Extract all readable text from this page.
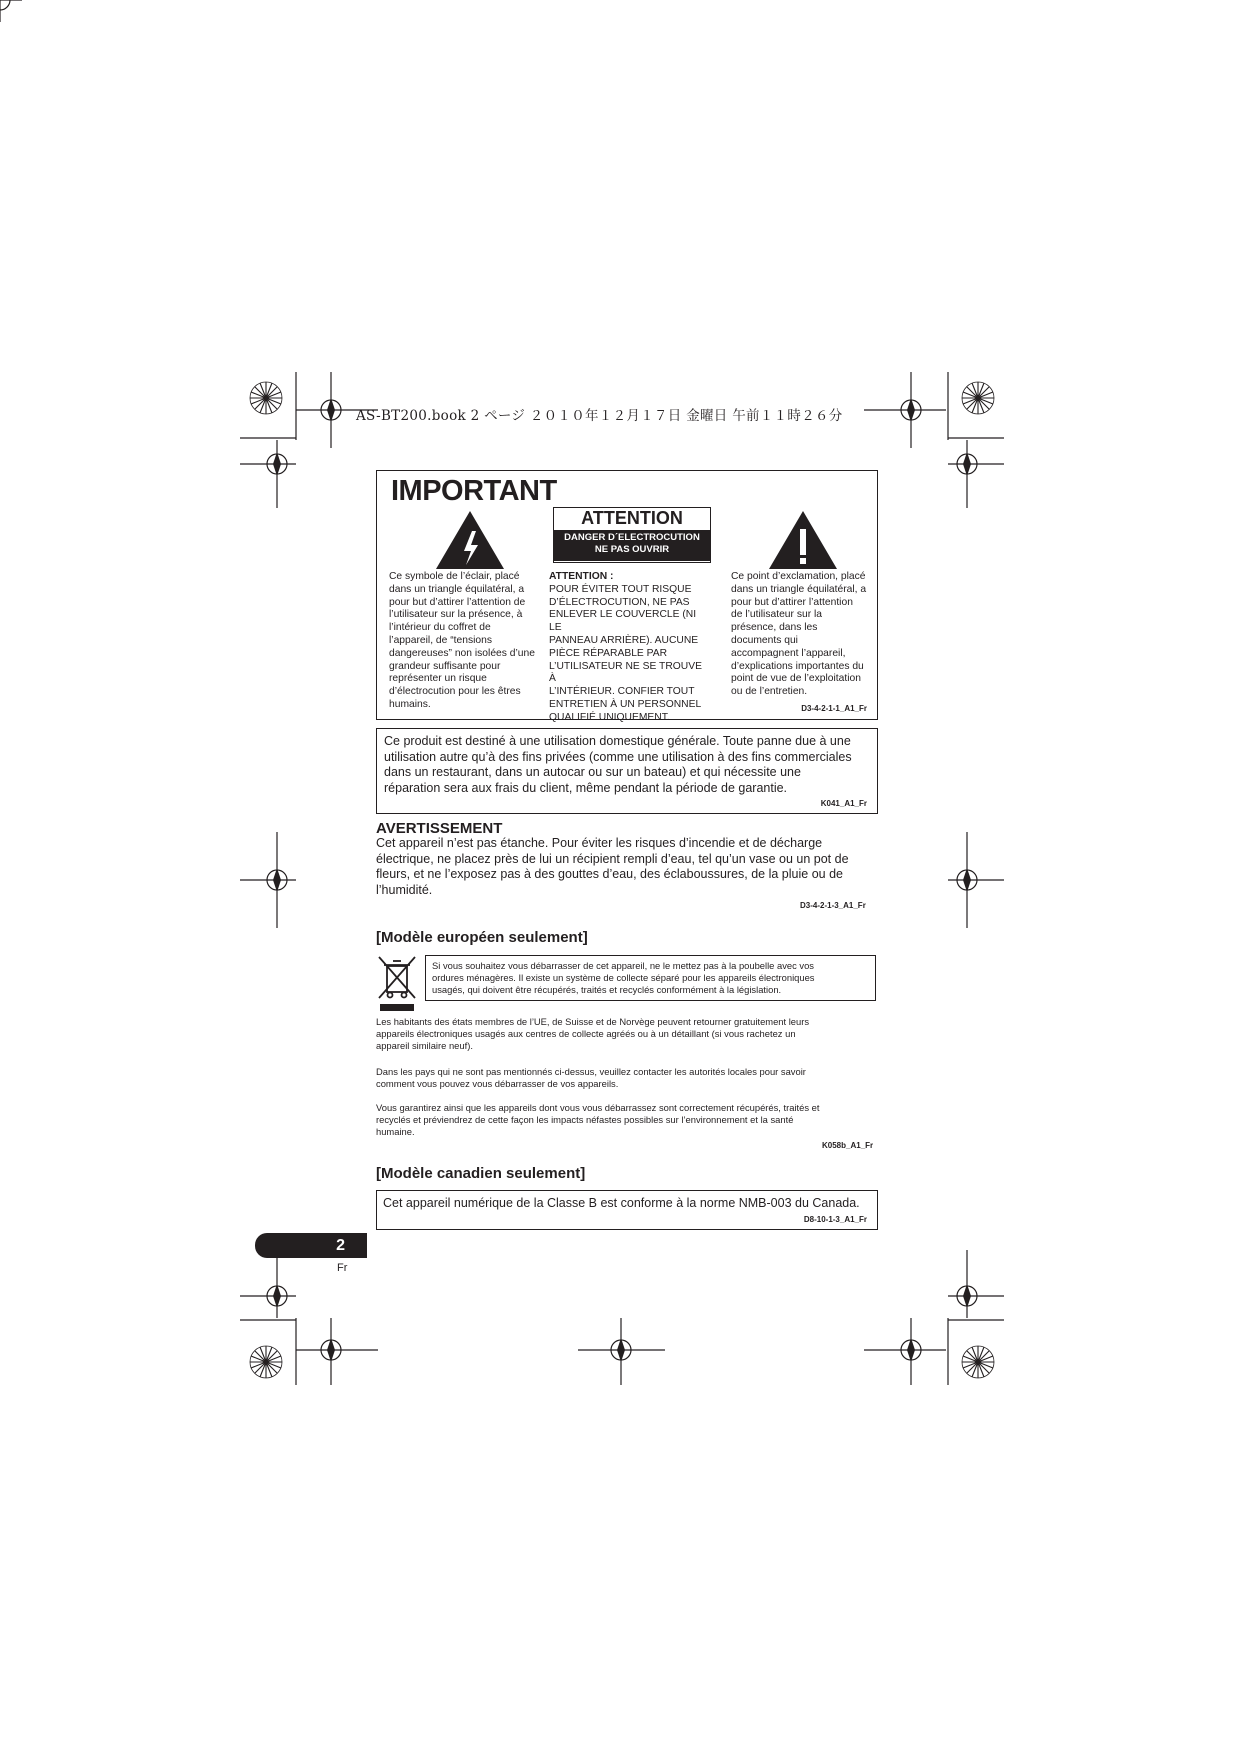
AS-BT200.book 2 ページ ２０１０年１２月１７日 金曜日 午前１１時２６分
IMPORTANT
ATTENTION
DANGER D´ELECTROCUTION
NE PAS OUVRIR
Ce symbole de l’éclair, placé
dans un triangle équilatéral, a
pour but d’attirer l’attention de
l’utilisateur sur la présence, à
l’intérieur du coffret de
l’appareil, de “tensions
dangereuses” non isolées d’une
grandeur suffisante pour
représenter un risque
d’électrocution pour les êtres
humains.
ATTENTION :
POUR ÉVITER TOUT RISQUE
D’ÉLECTROCUTION, NE PAS
ENLEVER LE COUVERCLE (NI LE
PANNEAU ARRIÈRE). AUCUNE
PIÈCE RÉPARABLE PAR
L’UTILISATEUR NE SE TROUVE À
L’INTÉRIEUR. CONFIER TOUT
ENTRETIEN À UN PERSONNEL
QUALIFIÉ UNIQUEMENT.
Ce point d’exclamation, placé
dans un triangle équilatéral, a
pour but d’attirer l’attention
de l’utilisateur sur la
présence, dans les
documents qui
accompagnent l’appareil,
d’explications importantes du
point de vue de l’exploitation
ou de l’entretien.
D3-4-2-1-1_A1_Fr
Ce produit est destiné à une utilisation domestique générale. Toute panne due à une
utilisation autre qu’à des fins privées (comme une utilisation à des fins commerciales
dans un restaurant, dans un autocar ou sur un bateau) et qui nécessite une
réparation sera aux frais du client, même pendant la période de garantie.
K041_A1_Fr
AVERTISSEMENT
Cet appareil n’est pas étanche. Pour éviter les risques d’incendie et de décharge
électrique, ne placez près de lui un récipient rempli d’eau, tel qu’un vase ou un pot de
fleurs, et ne l’exposez pas à des gouttes d’eau, des éclaboussures, de la pluie ou de
l’humidité.
D3-4-2-1-3_A1_Fr
[Modèle européen seulement]
Si vous souhaitez vous débarrasser de cet appareil, ne le mettez pas à la poubelle avec vos
ordures ménagères. Il existe un système de collecte séparé pour les appareils électroniques
usagés, qui doivent être récupérés, traités et recyclés conformément à la législation.
Les habitants des états membres de l’UE, de Suisse et de Norvège peuvent retourner gratuitement leurs
appareils électroniques usagés aux centres de collecte agréés ou à un détaillant (si vous rachetez un
appareil similaire neuf).
Dans les pays qui ne sont pas mentionnés ci-dessus, veuillez contacter les autorités locales pour savoir
comment vous pouvez vous débarrasser de vos appareils.
Vous garantirez ainsi que les appareils dont vous vous débarrassez sont correctement récupérés, traités et
recyclés et préviendrez de cette façon les impacts néfastes possibles sur l’environnement et la santé
humaine.
K058b_A1_Fr
[Modèle canadien seulement]
Cet appareil numérique de la Classe B est conforme à la norme NMB-003 du Canada.
D8-10-1-3_A1_Fr
2
Fr
